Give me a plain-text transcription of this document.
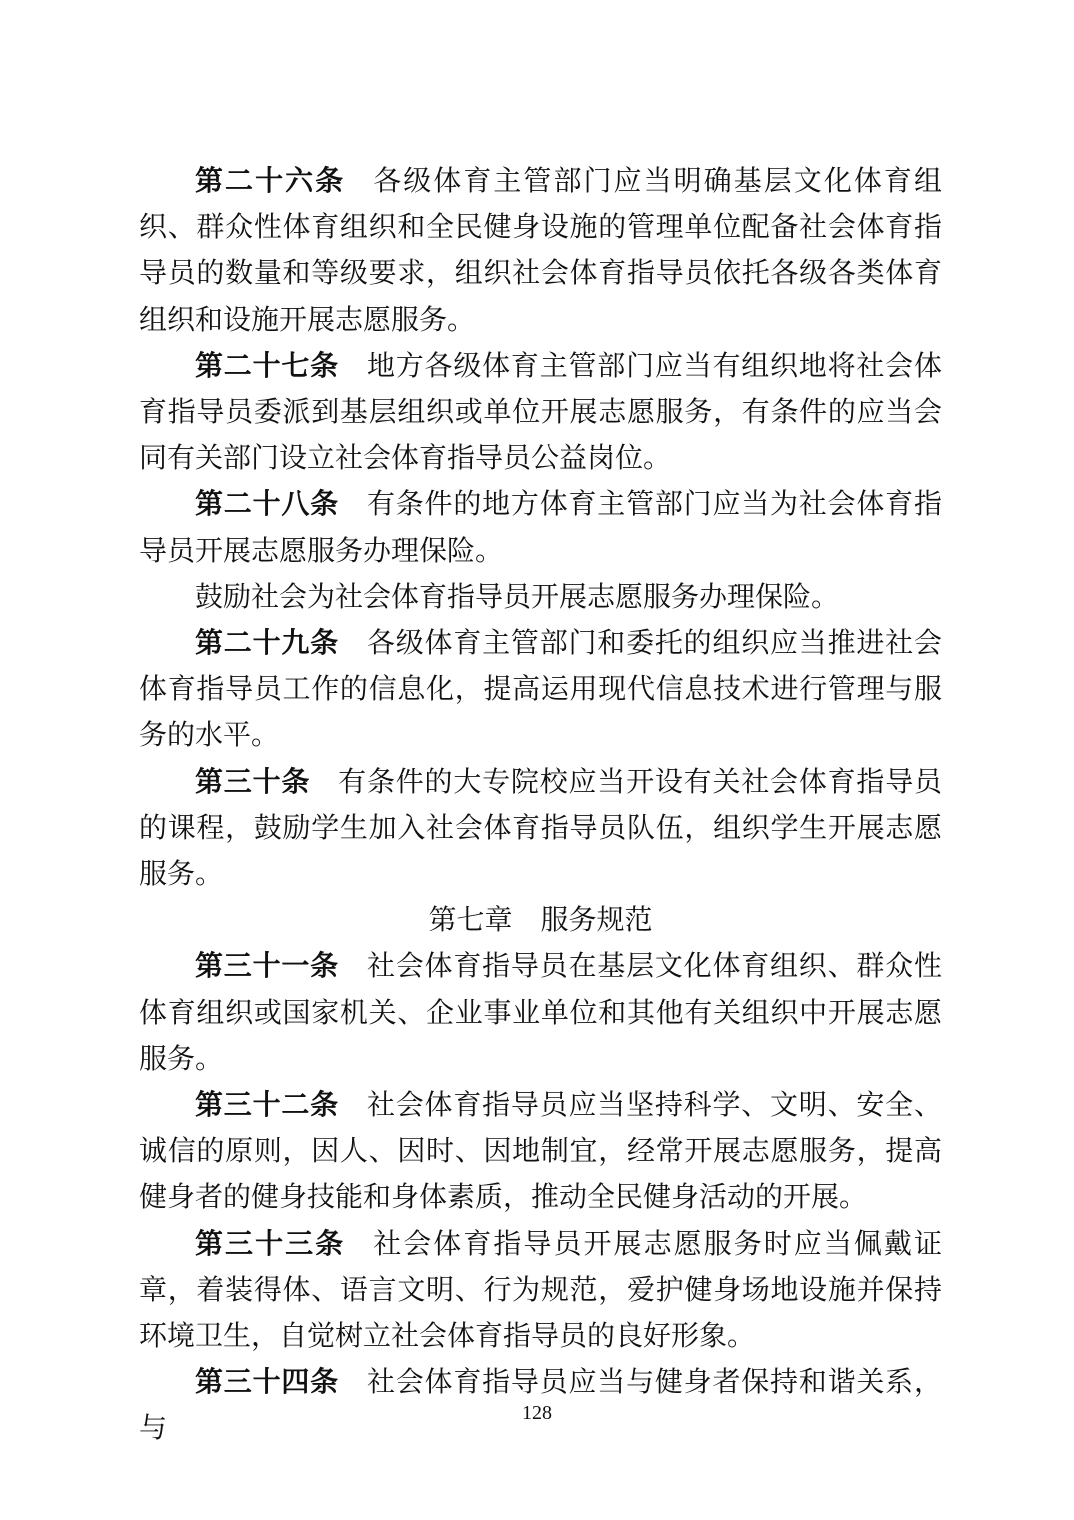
第二十六条 各级体育主管部门应当明确基层文化体育组织、群众性体育组织和全民健身设施的管理单位配备社会体育指导员的数量和等级要求，组织社会体育指导员依托各级各类体育组织和设施开展志愿服务。

第二十七条 地方各级体育主管部门应当有组织地将社会体育指导员委派到基层组织或单位开展志愿服务，有条件的应当会同有关部门设立社会体育指导员公益岗位。

第二十八条 有条件的地方体育主管部门应当为社会体育指导员开展志愿服务办理保险。

鼓励社会为社会体育指导员开展志愿服务办理保险。

第二十九条 各级体育主管部门和委托的组织应当推进社会体育指导员工作的信息化，提高运用现代信息技术进行管理与服务的水平。

第三十条 有条件的大专院校应当开设有关社会体育指导员的课程，鼓励学生加入社会体育指导员队伍，组织学生开展志愿服务。

第七章 服务规范

第三十一条 社会体育指导员在基层文化体育组织、群众性体育组织或国家机关、企业事业单位和其他有关组织中开展志愿服务。

第三十二条 社会体育指导员应当坚持科学、文明、安全、诚信的原则，因人、因时、因地制宜，经常开展志愿服务，提高健身者的健身技能和身体素质，推动全民健身活动的开展。

第三十三条 社会体育指导员开展志愿服务时应当佩戴证章，着装得体、语言文明、行为规范，爱护健身场地设施并保持环境卫生，自觉树立社会体育指导员的良好形象。

第三十四条 社会体育指导员应当与健身者保持和谐关系，与	128
